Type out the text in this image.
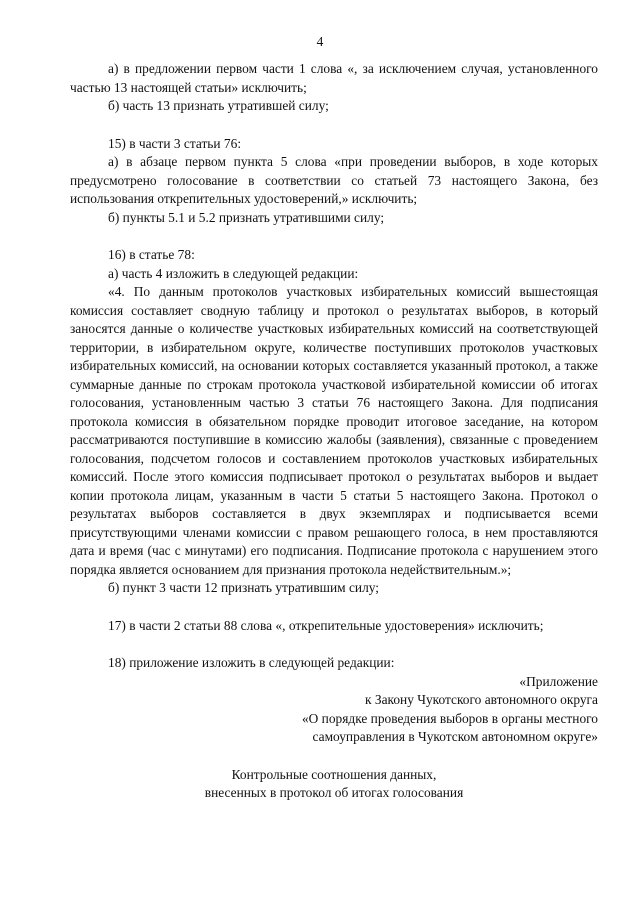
4

а) в предложении первом части 1 слова «, за исключением случая, установленного частью 13 настоящей статьи» исключить;

б) часть 13 признать утратившей силу;

15) в части 3 статьи 76:

а) в абзаце первом пункта 5 слова «при проведении выборов, в ходе которых предусмотрено голосование в соответствии со статьей 73 настоящего Закона, без использования открепительных удостоверений,» исключить;

б) пункты 5.1 и 5.2 признать утратившими силу;

16) в статье 78:

а) часть 4 изложить в следующей редакции:

«4. По данным протоколов участковых избирательных комиссий вышестоящая комиссия составляет сводную таблицу и протокол о результатах выборов, в который заносятся данные о количестве участковых избирательных комиссий на соответствующей территории, в избирательном округе, количестве поступивших протоколов участковых избирательных комиссий, на основании которых составляется указанный протокол, а также суммарные данные по строкам протокола участковой избирательной комиссии об итогах голосования, установленным частью 3 статьи 76 настоящего Закона. Для подписания протокола комиссия в обязательном порядке проводит итоговое заседание, на котором рассматриваются поступившие в комиссию жалобы (заявления), связанные с проведением голосования, подсчетом голосов и составлением протоколов участковых избирательных комиссий. После этого комиссия подписывает протокол о результатах выборов и выдает копии протокола лицам, указанным в части 5 статьи 5 настоящего Закона. Протокол о результатах выборов составляется в двух экземплярах и подписывается всеми присутствующими членами комиссии с правом решающего голоса, в нем проставляются дата и время (час с минутами) его подписания. Подписание протокола с нарушением этого порядка является основанием для признания протокола недействительным.»;

б) пункт 3 части 12 признать утратившим силу;

17) в части 2 статьи 88 слова «, открепительные удостоверения» исключить;

18) приложение изложить в следующей редакции:

«Приложение

к Закону Чукотского автономного округа

«О порядке проведения выборов в органы местного

самоуправления в Чукотском автономном округе»

Контрольные соотношения данных,

внесенных в протокол об итогах голосования
